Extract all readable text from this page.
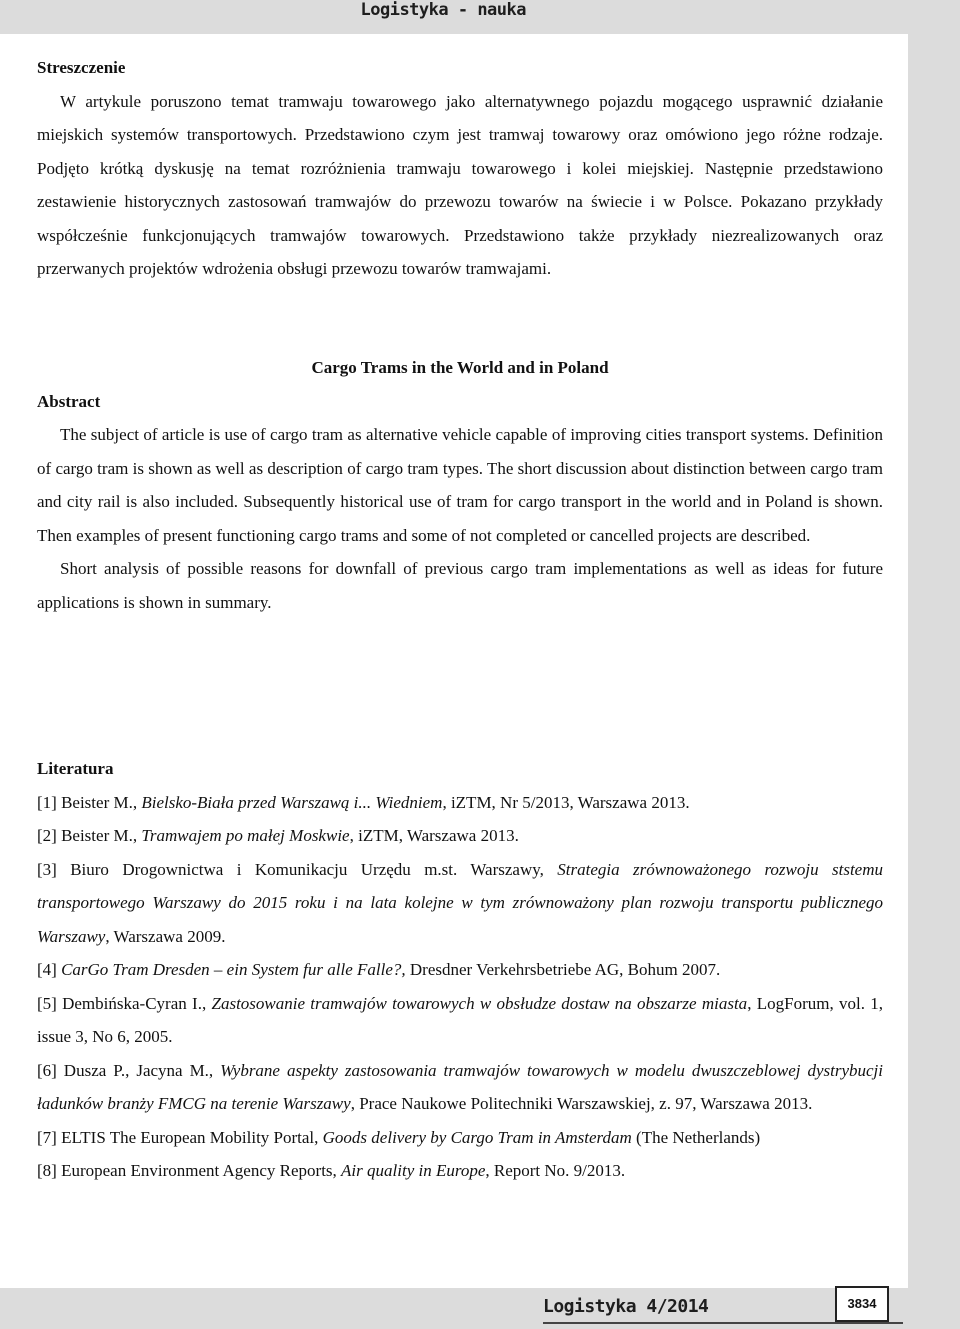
Logistyka - nauka

Streszczenie

W artykule poruszono temat tramwaju towarowego jako alternatywnego pojazdu mogącego usprawnić działanie miejskich systemów transportowych. Przedstawiono czym jest tramwaj towarowy oraz omówiono jego różne rodzaje. Podjęto krótką dyskusję na temat rozróżnienia tramwaju towarowego i kolei miejskiej. Następnie przedstawiono zestawienie historycznych zastosowań tramwajów do przewozu towarów na świecie i w Polsce. Pokazano przykłady współcześnie funkcjonujących tramwajów towarowych. Przedstawiono także przykłady niezrealizowanych oraz przerwanych projektów wdrożenia obsługi przewozu towarów tramwajami.

Cargo Trams in the World and in Poland

Abstract

The subject of article is use of cargo tram as alternative vehicle capable of improving cities transport systems. Definition of cargo tram is shown as well as description of cargo tram types. The short discussion about distinction between cargo tram and city rail is also included. Subsequently historical use of tram for cargo transport in the world and in Poland is shown. Then examples of present functioning cargo trams and some of not completed or cancelled projects are described.

Short analysis of possible reasons for downfall of previous cargo tram implementations as well as ideas for future applications is shown in summary.

Literatura

[1] Beister M., Bielsko-Biała przed Warszawą i... Wiedniem, iZTM, Nr 5/2013, Warszawa 2013.

[2] Beister M., Tramwajem po małej Moskwie, iZTM, Warszawa 2013.

[3] Biuro Drogownictwa i Komunikacju Urzędu m.st. Warszawy, Strategia zrównoważonego rozwoju ststemu transportowego Warszawy do 2015 roku i na lata kolejne w tym zrównoważony plan rozwoju transportu publicznego Warszawy, Warszawa 2009.

[4] CarGo Tram Dresden – ein System fur alle Falle?, Dresdner Verkehrsbetriebe AG, Bohum 2007.

[5] Dembińska-Cyran I., Zastosowanie tramwajów towarowych w obsłudze dostaw na obszarze miasta, LogForum, vol. 1, issue 3, No 6, 2005.

[6] Dusza P., Jacyna M., Wybrane aspekty zastosowania tramwajów towarowych w modelu dwuszczeblowej dystrybucji ładunków branży FMCG na terenie Warszawy, Prace Naukowe Politechniki Warszawskiej, z. 97, Warszawa 2013.

[7] ELTIS The European Mobility Portal, Goods delivery by Cargo Tram in Amsterdam (The Netherlands)

[8] European Environment Agency Reports, Air quality in Europe, Report No. 9/2013.

Logistyka 4/2014	3834
